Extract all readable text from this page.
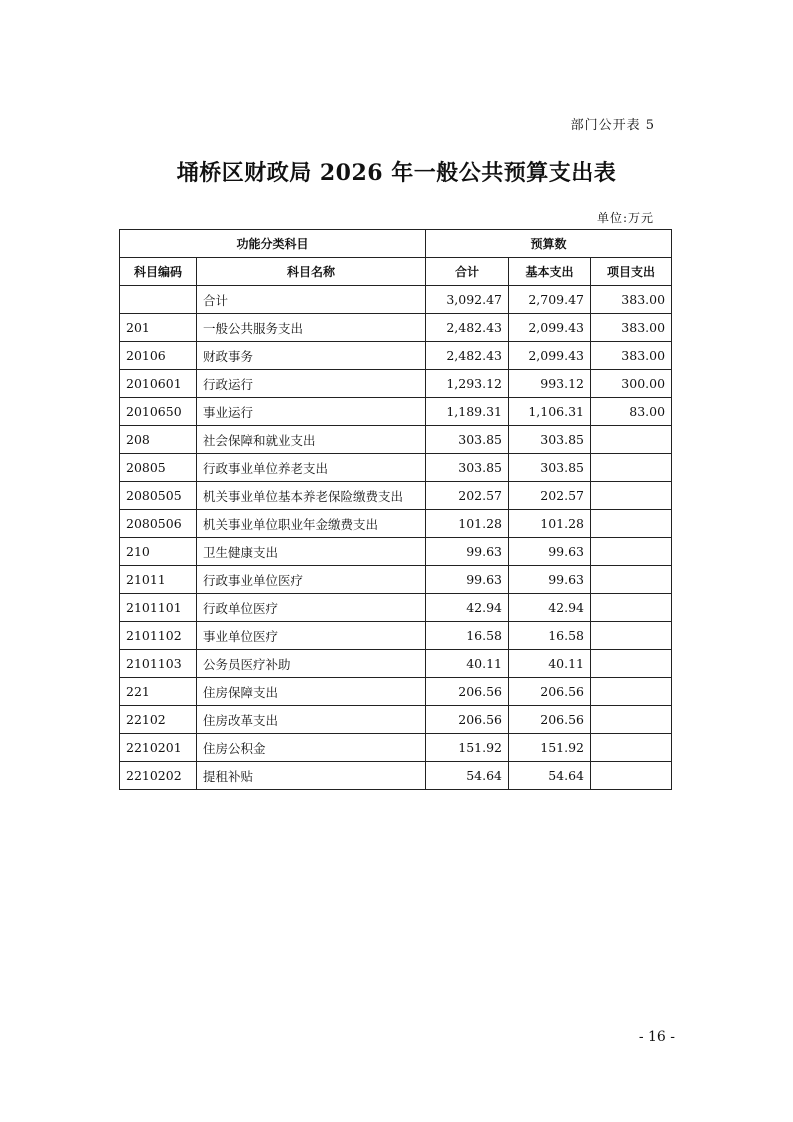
部门公开表 5
埇桥区财政局 2026 年一般公共预算支出表
单位:万元
功能分类科目		预算数		
科目编码	科目名称	合计	基本支出	项目支出
	合计	3,092.47	2,709.47	383.00
201	一般公共服务支出	2,482.43	2,099.43	383.00
20106	财政事务	2,482.43	2,099.43	383.00
2010601	行政运行	1,293.12	993.12	300.00
2010650	事业运行	1,189.31	1,106.31	83.00
208	社会保障和就业支出	303.85	303.85	
20805	行政事业单位养老支出	303.85	303.85	
2080505	机关事业单位基本养老保险缴费支出	202.57	202.57	
2080506	机关事业单位职业年金缴费支出	101.28	101.28	
210	卫生健康支出	99.63	99.63	
21011	行政事业单位医疗	99.63	99.63	
2101101	行政单位医疗	42.94	42.94	
2101102	事业单位医疗	16.58	16.58	
2101103	公务员医疗补助	40.11	40.11	
221	住房保障支出	206.56	206.56	
22102	住房改革支出	206.56	206.56	
2210201	住房公积金	151.92	151.92	
2210202	提租补贴	54.64	54.64	
- 16 -
